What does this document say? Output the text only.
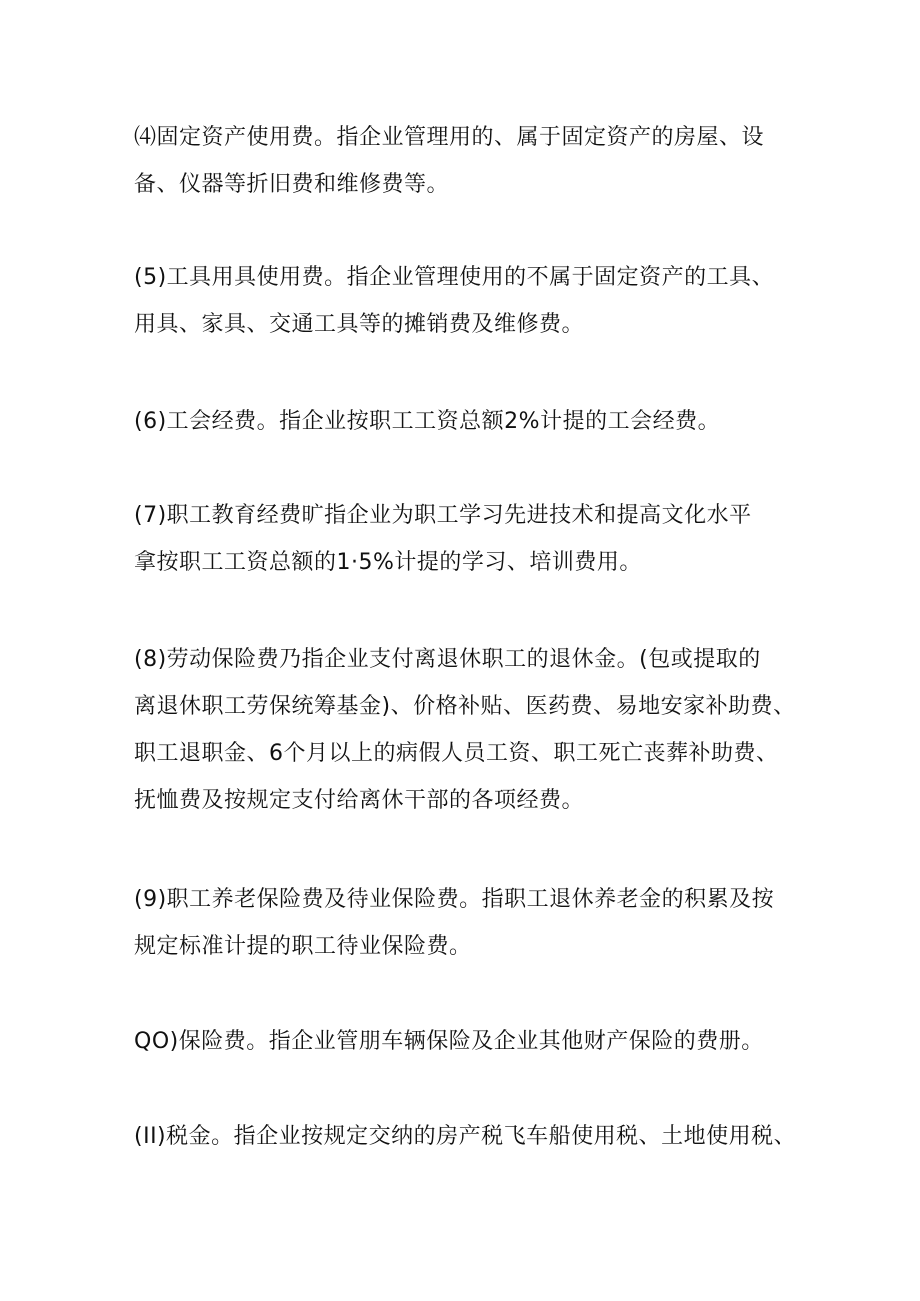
⑷固定资产使用费。指企业管理用的、属于固定资产的房屋、设
备、仪器等折旧费和维修费等。
(5)工具用具使用费。指企业管理使用的不属于固定资产的工具、
用具、家具、交通工具等的摊销费及维修费。
(6)工会经费。指企业按职工工资总额2%计提的工会经费。
(7)职工教育经费旷指企业为职工学习先进技术和提高文化水平
拿按职工工资总额的1·5%计提的学习、培训费用。
(8)劳动保险费乃指企业支付离退休职工的退休金。(包或提取的
离退休职工劳保统筹基金)、价格补贴、医药费、易地安家补助费、
职工退职金、6个月以上的病假人员工资、职工死亡丧葬补助费、
抚恤费及按规定支付给离休干部的各项经费。
(9)职工养老保险费及待业保险费。指职工退休养老金的积累及按
规定标准计提的职工待业保险费。
QO)保险费。指企业管朋车辆保险及企业其他财产保险的费册。
(II)税金。指企业按规定交纳的房产税飞车船使用税、土地使用税、
